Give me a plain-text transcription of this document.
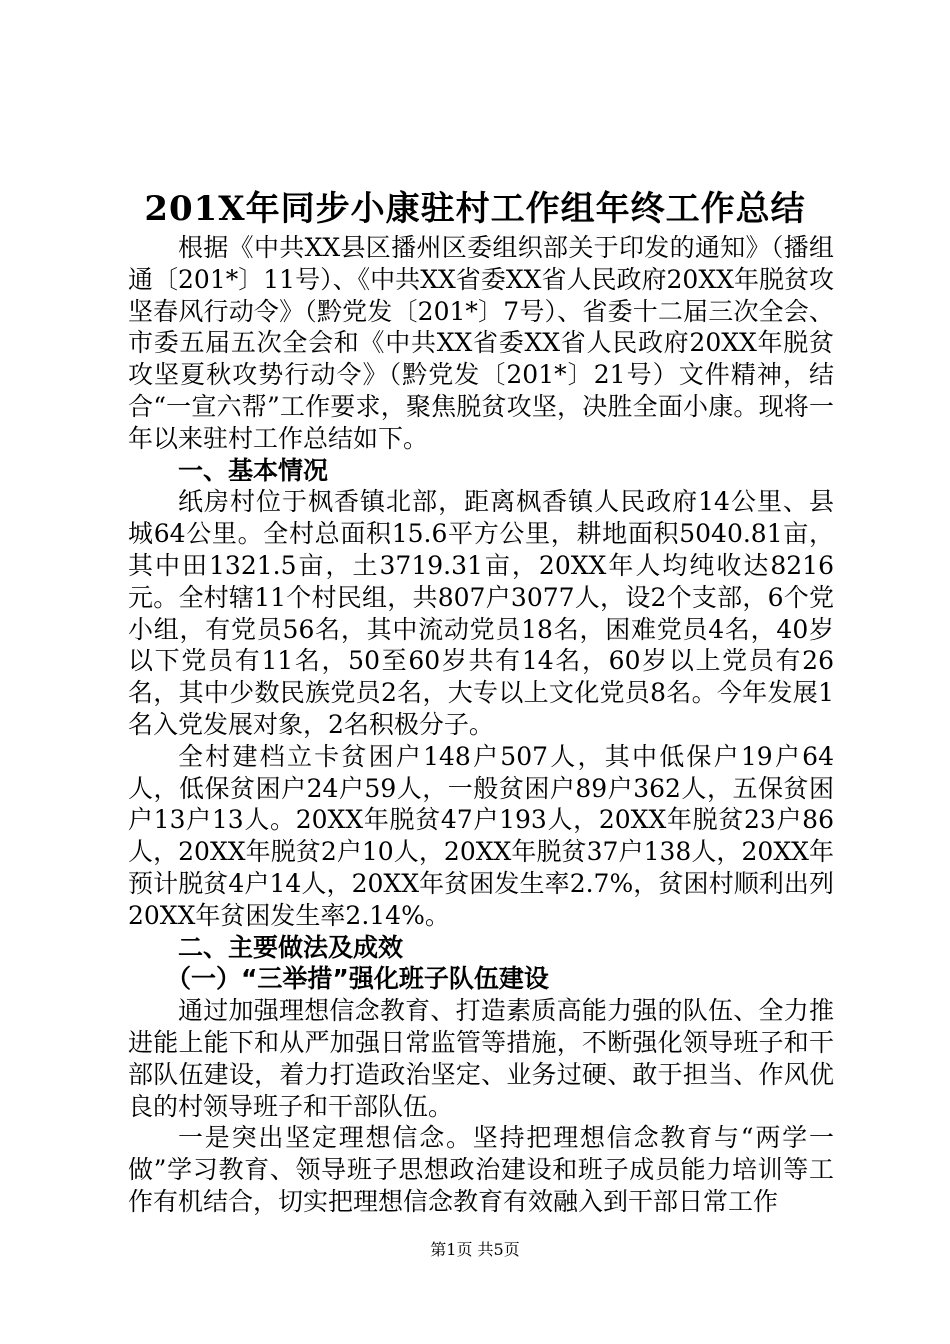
201X年同步小康驻村工作组年终工作总结

根据《中共XX县区播州区委组织部关于印发的通知》（播组通〔201*〕11号）、《中共XX省委XX省人民政府20XX年脱贫攻坚春风行动令》（黔党发〔201*〕7号）、省委十二届三次全会、市委五届五次全会和《中共XX省委XX省人民政府20XX年脱贫攻坚夏秋攻势行动令》（黔党发〔201*〕21号）文件精神，结合“一宣六帮”工作要求，聚焦脱贫攻坚，决胜全面小康。现将一年以来驻村工作总结如下。

一、基本情况

纸房村位于枫香镇北部，距离枫香镇人民政府14公里、县城64公里。全村总面积15.6平方公里，耕地面积5040.81亩，其中田1321.5亩，土3719.31亩，20XX年人均纯收达8216元。全村辖11个村民组，共807户3077人，设2个支部，6个党小组，有党员56名，其中流动党员18名，困难党员4名，40岁以下党员有11名，50至60岁共有14名，60岁以上党员有26名，其中少数民族党员2名，大专以上文化党员8名。今年发展1名入党发展对象，2名积极分子。

全村建档立卡贫困户148户507人，其中低保户19户64人，低保贫困户24户59人，一般贫困户89户362人，五保贫困户13户13人。20XX年脱贫47户193人，20XX年脱贫23户86人，20XX年脱贫2户10人，20XX年脱贫37户138人，20XX年预计脱贫4户14人，20XX年贫困发生率2.7%，贫困村顺利出列20XX年贫困发生率2.14%。

二、主要做法及成效

（一）“三举措”强化班子队伍建设

通过加强理想信念教育、打造素质高能力强的队伍、全力推进能上能下和从严加强日常监管等措施，不断强化领导班子和干部队伍建设，着力打造政治坚定、业务过硬、敢于担当、作风优良的村领导班子和干部队伍。

一是突出坚定理想信念。坚持把理想信念教育与“两学一做”学习教育、领导班子思想政治建设和班子成员能力培训等工作有机结合，切实把理想信念教育有效融入到干部日常工作

第1页 共5页
